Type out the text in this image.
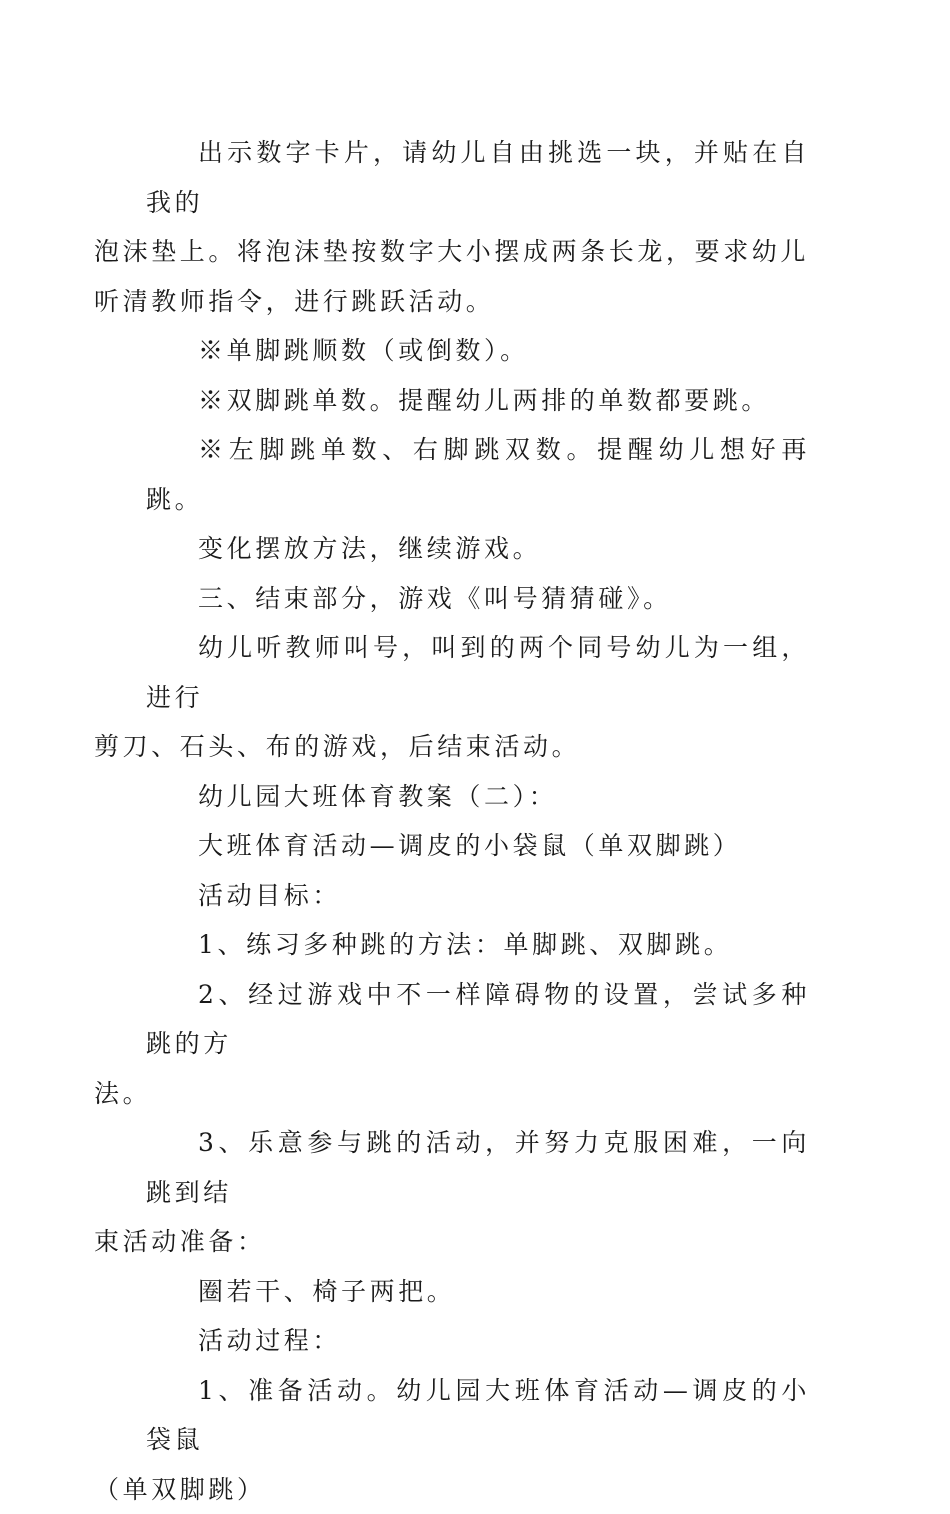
出示数字卡片，请幼儿自由挑选一块，并贴在自我的
泡沫垫上。将泡沫垫按数字大小摆成两条长龙，要求幼儿
听清教师指令，进行跳跃活动。

※单脚跳顺数（或倒数）。

※双脚跳单数。提醒幼儿两排的单数都要跳。

※左脚跳单数、右脚跳双数。提醒幼儿想好再跳。

变化摆放方法，继续游戏。

三、结束部分，游戏《叫号猜猜碰》。

幼儿听教师叫号，叫到的两个同号幼儿为一组，进行
剪刀、石头、布的游戏，后结束活动。

幼儿园大班体育教案（二）：

大班体育活动—调皮的小袋鼠（单双脚跳）

活动目标：

1、练习多种跳的方法：单脚跳、双脚跳。

2、经过游戏中不一样障碍物的设置，尝试多种跳的方
法。

3、乐意参与跳的活动，并努力克服困难，一向跳到结
束活动准备：

圈若干、椅子两把。

活动过程：

1、准备活动。幼儿园大班体育活动—调皮的小袋鼠
（单双脚跳）
